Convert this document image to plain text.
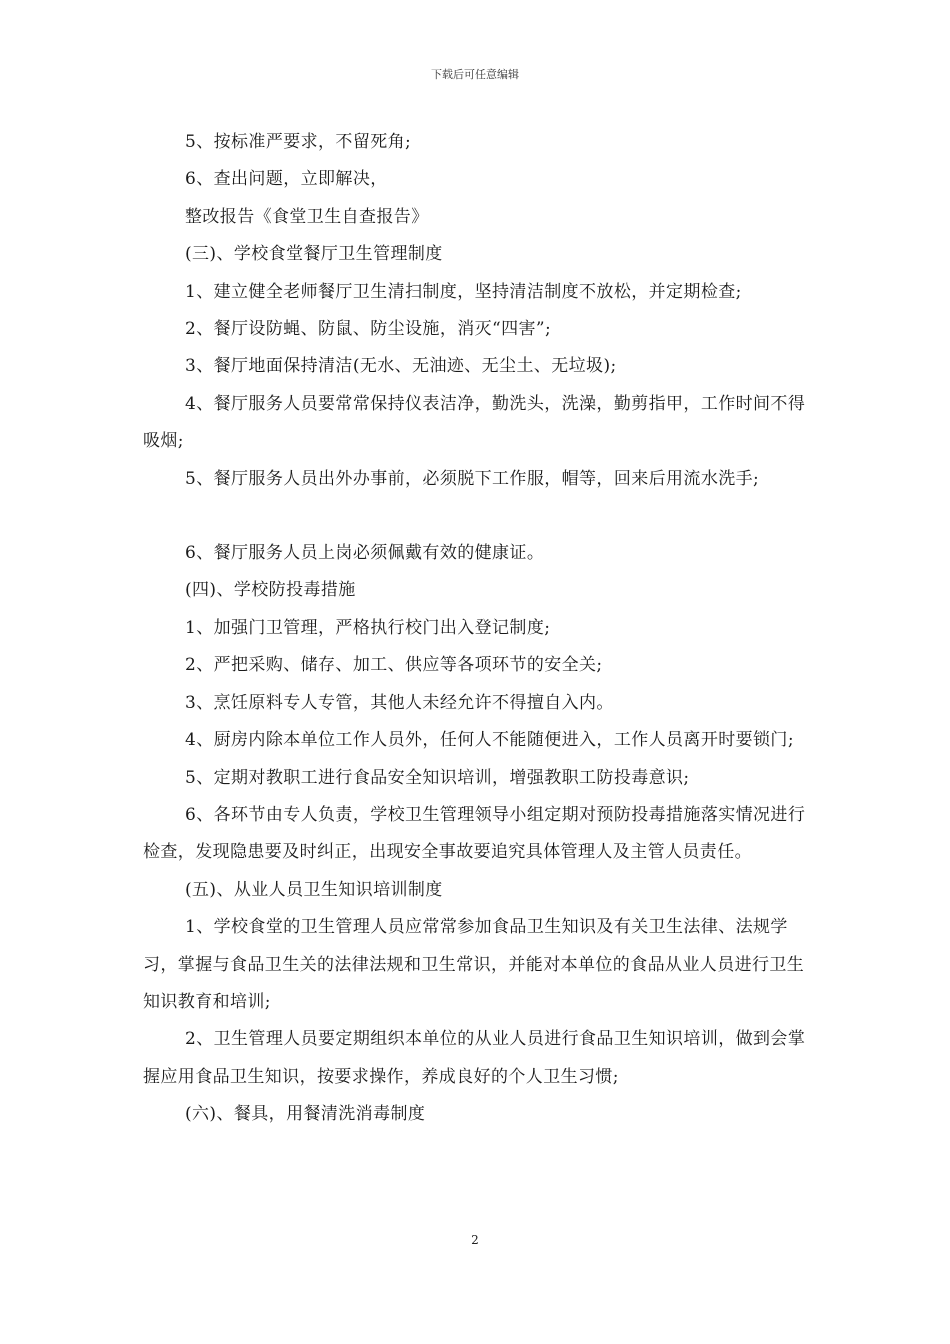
下载后可任意编辑

5、按标准严要求，不留死角;

6、查出问题，立即解决，

整改报告《食堂卫生自查报告》

(三)、学校食堂餐厅卫生管理制度

1、建立健全老师餐厅卫生清扫制度，坚持清洁制度不放松，并定期检查;

2、餐厅设防蝇、防鼠、防尘设施，消灭“四害”;

3、餐厅地面保持清洁(无水、无油迹、无尘土、无垃圾);

4、餐厅服务人员要常常保持仪表洁净，勤洗头，洗澡，勤剪指甲，工作时间不得吸烟;

5、餐厅服务人员出外办事前，必须脱下工作服，帽等，回来后用流水洗手;

6、餐厅服务人员上岗必须佩戴有效的健康证。

(四)、学校防投毒措施

1、加强门卫管理，严格执行校门出入登记制度;

2、严把采购、储存、加工、供应等各项环节的安全关;

3、烹饪原料专人专管，其他人未经允许不得擅自入内。

4、厨房内除本单位工作人员外，任何人不能随便进入，工作人员离开时要锁门;

5、定期对教职工进行食品安全知识培训，增强教职工防投毒意识;

6、各环节由专人负责，学校卫生管理领导小组定期对预防投毒措施落实情况进行检查，发现隐患要及时纠正，出现安全事故要追究具体管理人及主管人员责任。

(五)、从业人员卫生知识培训制度

1、学校食堂的卫生管理人员应常常参加食品卫生知识及有关卫生法律、法规学习，掌握与食品卫生关的法律法规和卫生常识，并能对本单位的食品从业人员进行卫生知识教育和培训;

2、卫生管理人员要定期组织本单位的从业人员进行食品卫生知识培训，做到会掌握应用食品卫生知识，按要求操作，养成良好的个人卫生习惯;

(六)、餐具，用餐清洗消毒制度

2
